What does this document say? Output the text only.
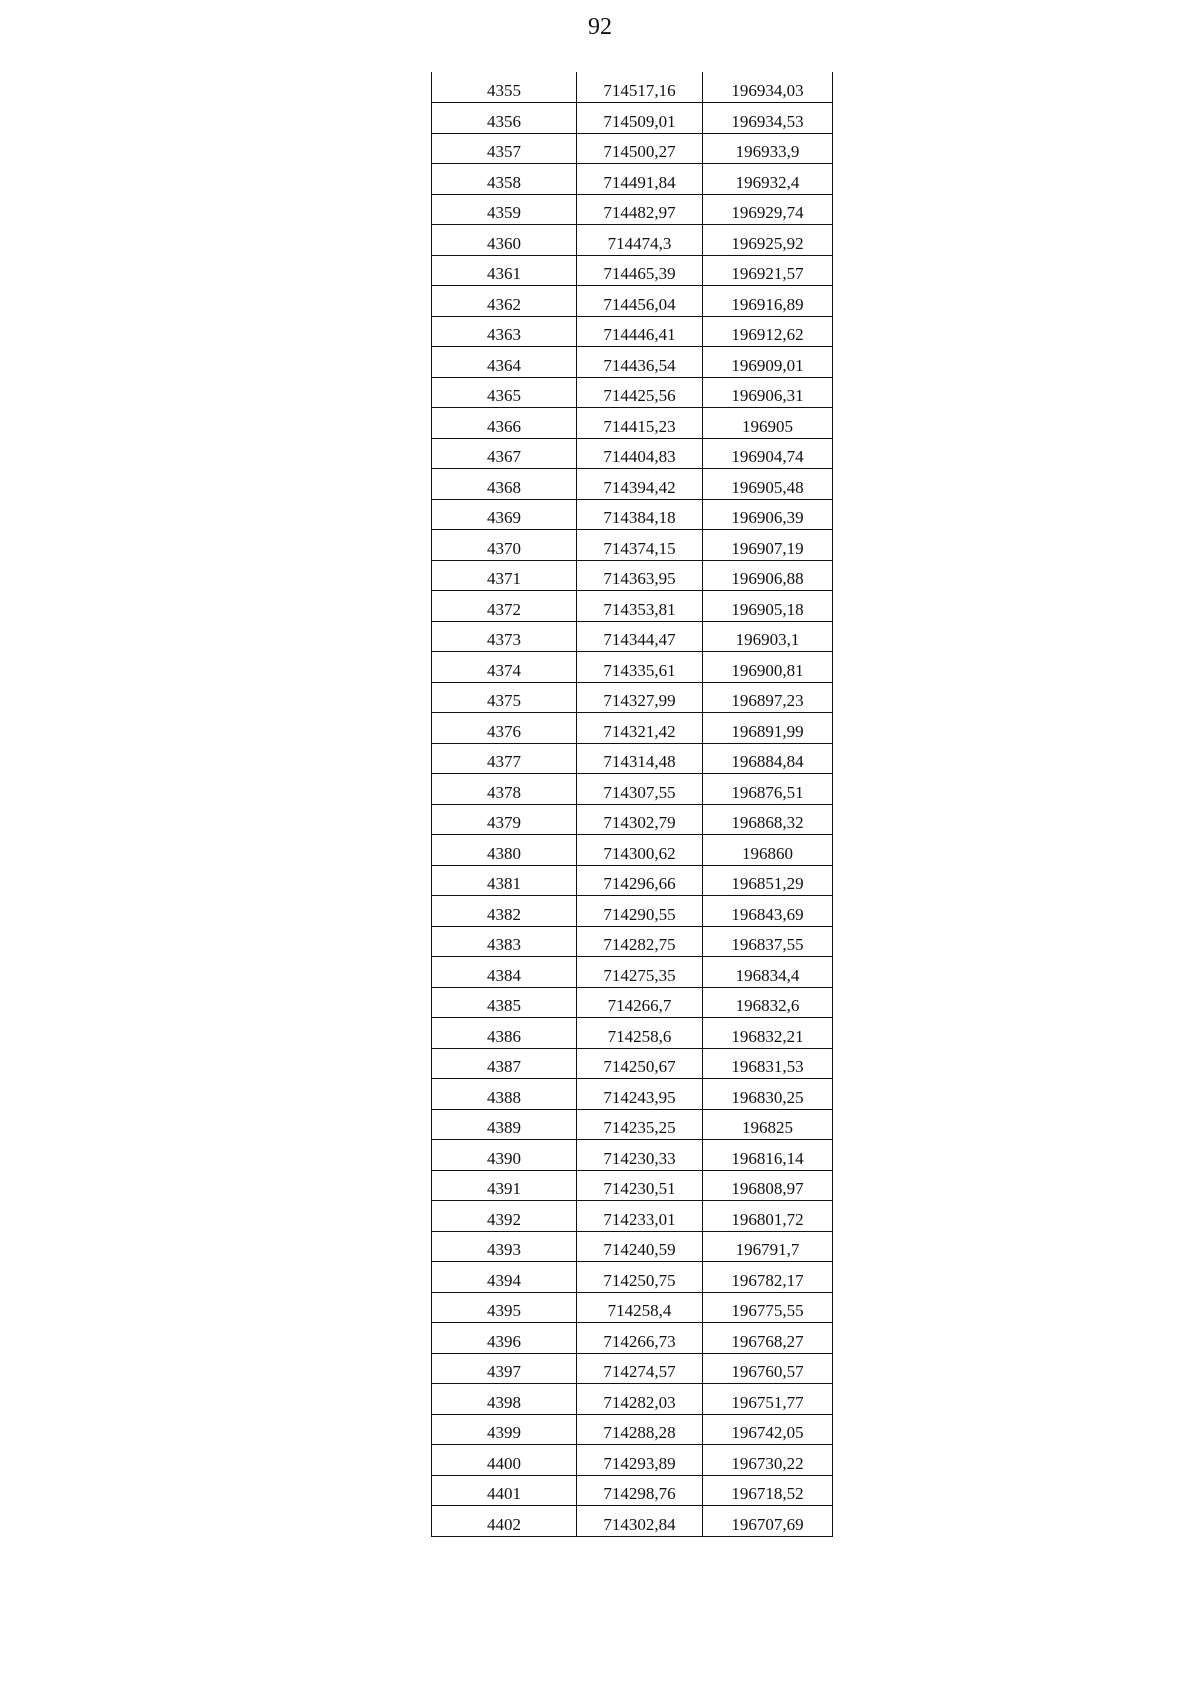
92
4355	714517,16	196934,03
4356	714509,01	196934,53
4357	714500,27	196933,9
4358	714491,84	196932,4
4359	714482,97	196929,74
4360	714474,3	196925,92
4361	714465,39	196921,57
4362	714456,04	196916,89
4363	714446,41	196912,62
4364	714436,54	196909,01
4365	714425,56	196906,31
4366	714415,23	196905
4367	714404,83	196904,74
4368	714394,42	196905,48
4369	714384,18	196906,39
4370	714374,15	196907,19
4371	714363,95	196906,88
4372	714353,81	196905,18
4373	714344,47	196903,1
4374	714335,61	196900,81
4375	714327,99	196897,23
4376	714321,42	196891,99
4377	714314,48	196884,84
4378	714307,55	196876,51
4379	714302,79	196868,32
4380	714300,62	196860
4381	714296,66	196851,29
4382	714290,55	196843,69
4383	714282,75	196837,55
4384	714275,35	196834,4
4385	714266,7	196832,6
4386	714258,6	196832,21
4387	714250,67	196831,53
4388	714243,95	196830,25
4389	714235,25	196825
4390	714230,33	196816,14
4391	714230,51	196808,97
4392	714233,01	196801,72
4393	714240,59	196791,7
4394	714250,75	196782,17
4395	714258,4	196775,55
4396	714266,73	196768,27
4397	714274,57	196760,57
4398	714282,03	196751,77
4399	714288,28	196742,05
4400	714293,89	196730,22
4401	714298,76	196718,52
4402	714302,84	196707,69
